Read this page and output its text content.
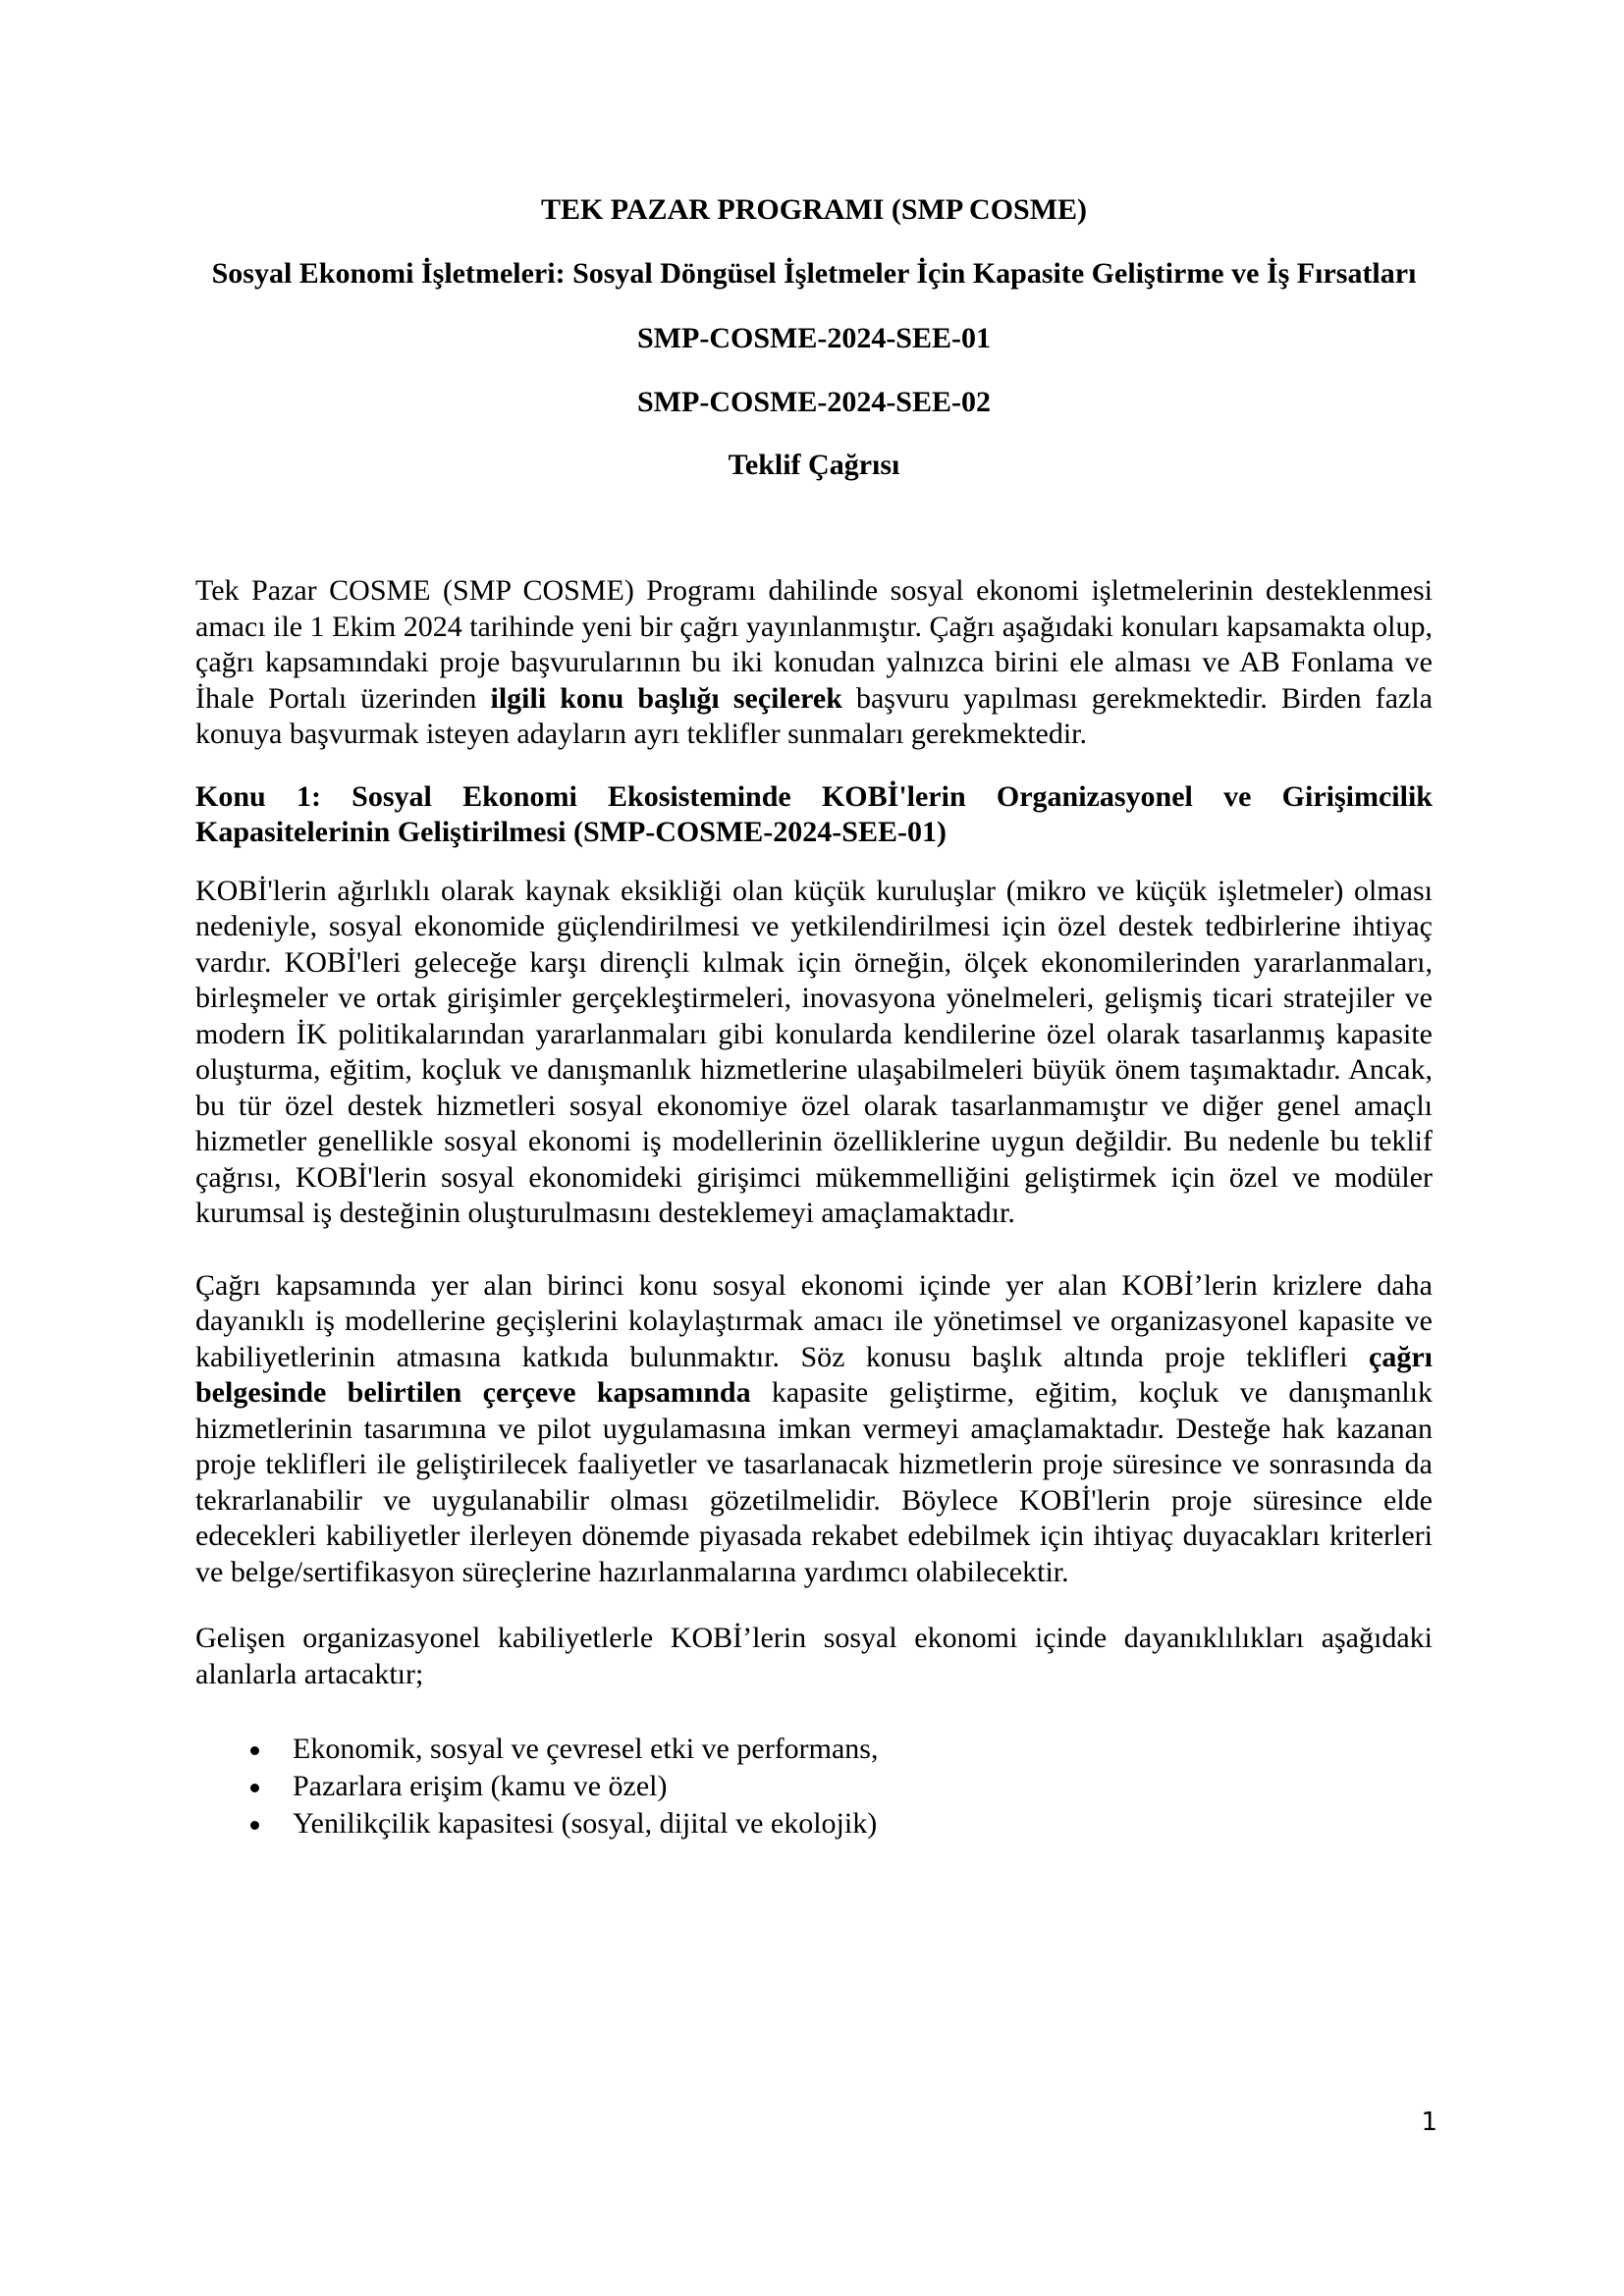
TEK PAZAR PROGRAMI (SMP COSME)

Sosyal Ekonomi İşletmeleri: Sosyal Döngüsel İşletmeler İçin Kapasite Geliştirme ve İş Fırsatları

SMP-COSME-2024-SEE-01

SMP-COSME-2024-SEE-02

Teklif Çağrısı

Tek Pazar COSME (SMP COSME) Programı dahilinde sosyal ekonomi işletmelerinin desteklenmesi amacı ile 1 Ekim 2024 tarihinde yeni bir çağrı yayınlanmıştır. Çağrı aşağıdaki konuları kapsamakta olup, çağrı kapsamındaki proje başvurularının bu iki konudan yalnızca birini ele alması ve AB Fonlama ve İhale Portalı üzerinden ilgili konu başlığı seçilerek başvuru yapılması gerekmektedir. Birden fazla konuya başvurmak isteyen adayların ayrı teklifler sunmaları gerekmektedir.

Konu 1: Sosyal Ekonomi Ekosisteminde KOBİ'lerin Organizasyonel ve Girişimcilik Kapasitelerinin Geliştirilmesi (SMP-COSME-2024-SEE-01)

KOBİ'lerin ağırlıklı olarak kaynak eksikliği olan küçük kuruluşlar (mikro ve küçük işletmeler) olması nedeniyle, sosyal ekonomide güçlendirilmesi ve yetkilendirilmesi için özel destek tedbirlerine ihtiyaç vardır. KOBİ'leri geleceğe karşı dirençli kılmak için örneğin, ölçek ekonomilerinden yararlanmaları, birleşmeler ve ortak girişimler gerçekleştirmeleri, inovasyona yönelmeleri, gelişmiş ticari stratejiler ve modern İK politikalarından yararlanmaları gibi konularda kendilerine özel olarak tasarlanmış kapasite oluşturma, eğitim, koçluk ve danışmanlık hizmetlerine ulaşabilmeleri büyük önem taşımaktadır. Ancak, bu tür özel destek hizmetleri sosyal ekonomiye özel olarak tasarlanmamıştır ve diğer genel amaçlı hizmetler genellikle sosyal ekonomi iş modellerinin özelliklerine uygun değildir. Bu nedenle bu teklif çağrısı, KOBİ'lerin sosyal ekonomideki girişimci mükemmelliğini geliştirmek için özel ve modüler kurumsal iş desteğinin oluşturulmasını desteklemeyi amaçlamaktadır.

Çağrı kapsamında yer alan birinci konu sosyal ekonomi içinde yer alan KOBİ’lerin krizlere daha dayanıklı iş modellerine geçişlerini kolaylaştırmak amacı ile yönetimsel ve organizasyonel kapasite ve kabiliyetlerinin atmasına katkıda bulunmaktır. Söz konusu başlık altında proje teklifleri çağrı belgesinde belirtilen çerçeve kapsamında kapasite geliştirme, eğitim, koçluk ve danışmanlık hizmetlerinin tasarımına ve pilot uygulamasına imkan vermeyi amaçlamaktadır. Desteğe hak kazanan proje teklifleri ile geliştirilecek faaliyetler ve tasarlanacak hizmetlerin proje süresince ve sonrasında da tekrarlanabilir ve uygulanabilir olması gözetilmelidir. Böylece KOBİ'lerin proje süresince elde edecekleri kabiliyetler ilerleyen dönemde piyasada rekabet edebilmek için ihtiyaç duyacakları kriterleri ve belge/sertifikasyon süreçlerine hazırlanmalarına yardımcı olabilecektir.

Gelişen organizasyonel kabiliyetlerle KOBİ’lerin sosyal ekonomi içinde dayanıklılıkları aşağıdaki alanlarla artacaktır;

Ekonomik, sosyal ve çevresel etki ve performans,
Pazarlara erişim (kamu ve özel)
Yenilikçilik kapasitesi (sosyal, dijital ve ekolojik)
1
